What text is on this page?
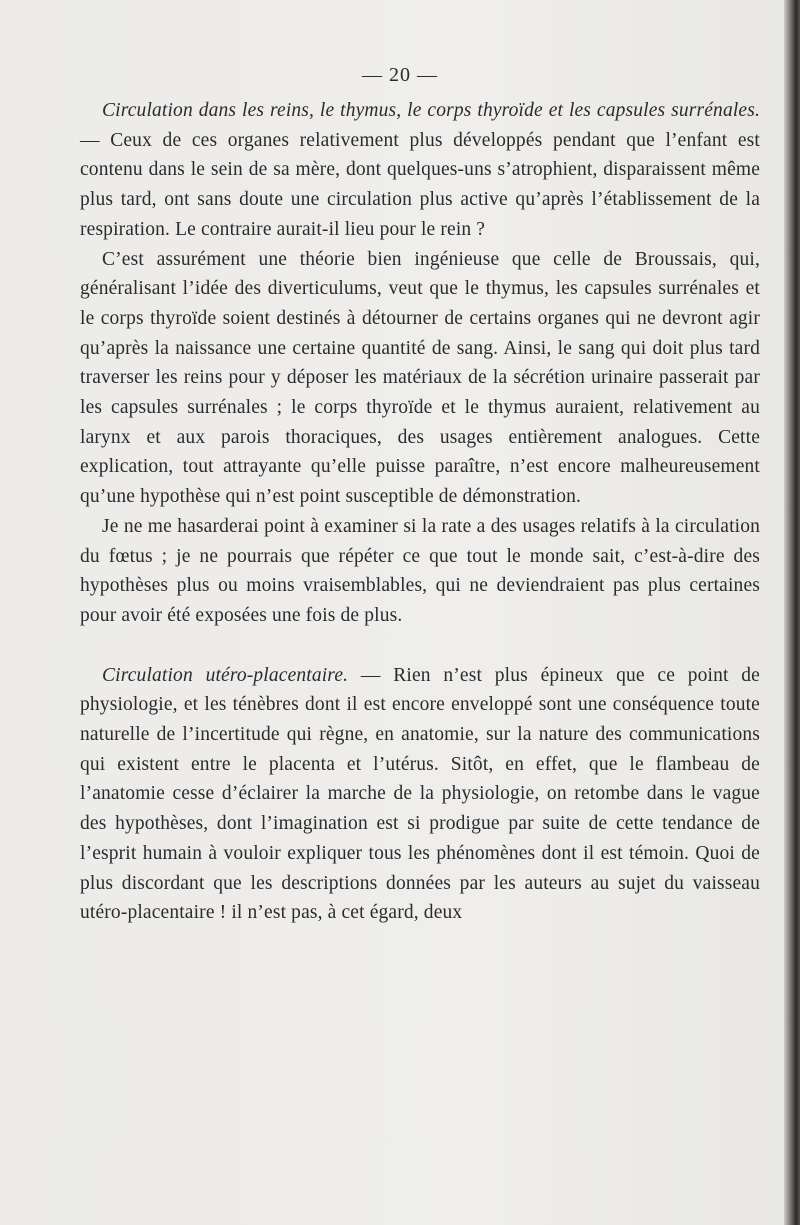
— 20 —

Circulation dans les reins, le thymus, le corps thyroïde et les capsules surrénales. — Ceux de ces organes relativement plus développés pendant que l’enfant est contenu dans le sein de sa mère, dont quelques-uns s’atrophient, disparaissent même plus tard, ont sans doute une circulation plus active qu’après l’établissement de la respiration. Le contraire aurait-il lieu pour le rein ?

C’est assurément une théorie bien ingénieuse que celle de Broussais, qui, généralisant l’idée des diverticulums, veut que le thymus, les capsules surrénales et le corps thyroïde soient destinés à détourner de certains organes qui ne devront agir qu’après la naissance une certaine quantité de sang. Ainsi, le sang qui doit plus tard traverser les reins pour y déposer les matériaux de la sécrétion urinaire passerait par les capsules surrénales ; le corps thyroïde et le thymus auraient, relativement au larynx et aux parois thoraciques, des usages entièrement analogues. Cette explication, tout attrayante qu’elle puisse paraître, n’est encore malheureusement qu’une hypothèse qui n’est point susceptible de démonstration.

Je ne me hasarderai point à examiner si la rate a des usages relatifs à la circulation du fœtus ; je ne pourrais que répéter ce que tout le monde sait, c’est-à-dire des hypothèses plus ou moins vraisemblables, qui ne deviendraient pas plus certaines pour avoir été exposées une fois de plus.

Circulation utéro-placentaire. — Rien n’est plus épineux que ce point de physiologie, et les ténèbres dont il est encore enveloppé sont une conséquence toute naturelle de l’incertitude qui règne, en anatomie, sur la nature des communications qui existent entre le placenta et l’utérus. Sitôt, en effet, que le flambeau de l’anatomie cesse d’éclairer la marche de la physiologie, on retombe dans le vague des hypothèses, dont l’imagination est si prodigue par suite de cette tendance de l’esprit humain à vouloir expliquer tous les phénomènes dont il est témoin. Quoi de plus discordant que les descriptions données par les auteurs au sujet du vaisseau utéro-placentaire ! il n’est pas, à cet égard, deux
